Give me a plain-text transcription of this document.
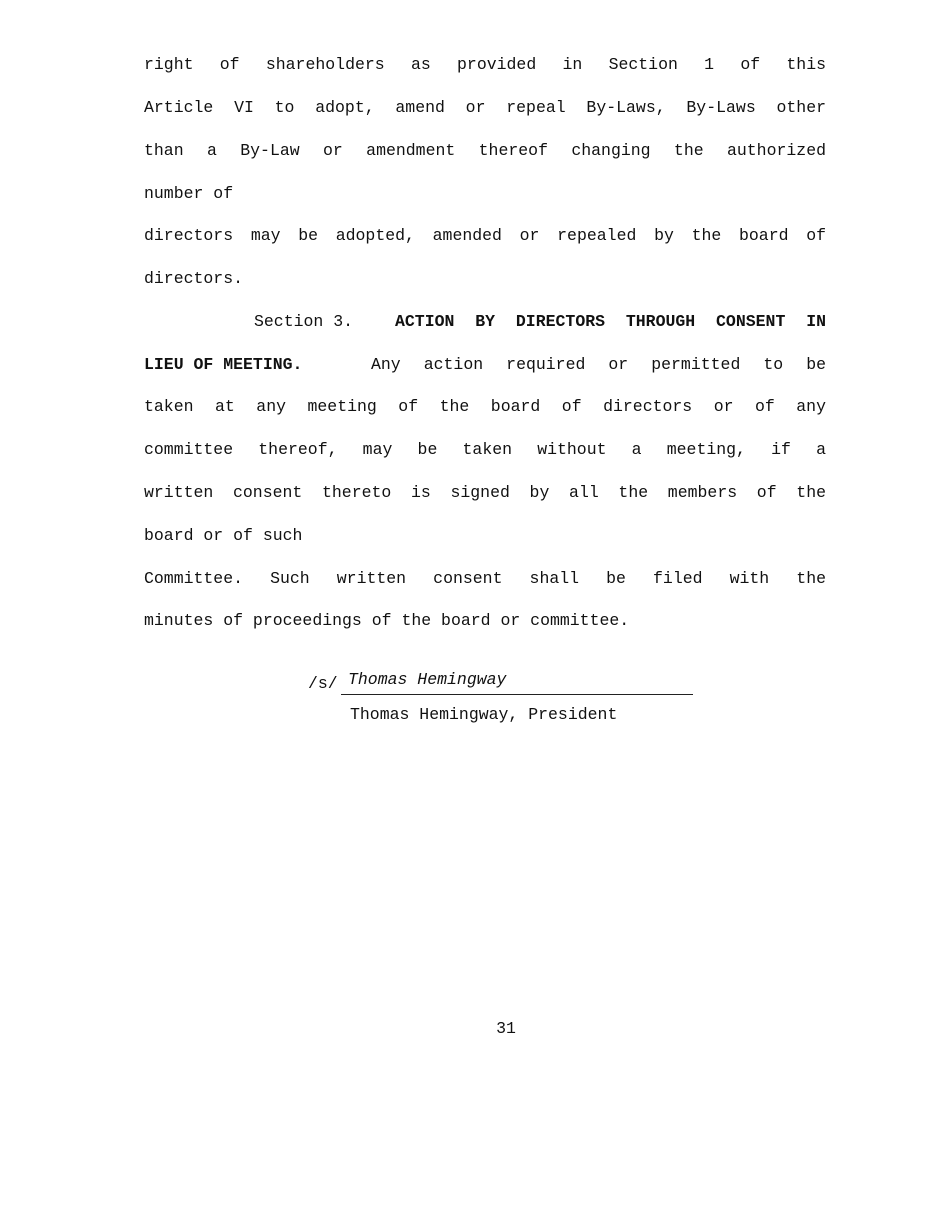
right of shareholders as provided in Section 1 of this
Article VI to adopt, amend or repeal By-Laws, By-Laws other
than a By-Law or amendment thereof changing the authorized
number of
directors may be adopted, amended or repealed by the board of
directors.
Section 3.	ACTION BY DIRECTORS THROUGH CONSENT IN
LIEU OF MEETING.	Any action required or permitted to be
taken at any meeting of the board of directors or of any
committee thereof, may be taken without a meeting, if a
written consent thereto is signed by all the members of the
board or of such
Committee. Such written consent shall be filed with the
minutes of proceedings of the board or committee.
/s/ Thomas Hemingway
Thomas Hemingway, President
31
